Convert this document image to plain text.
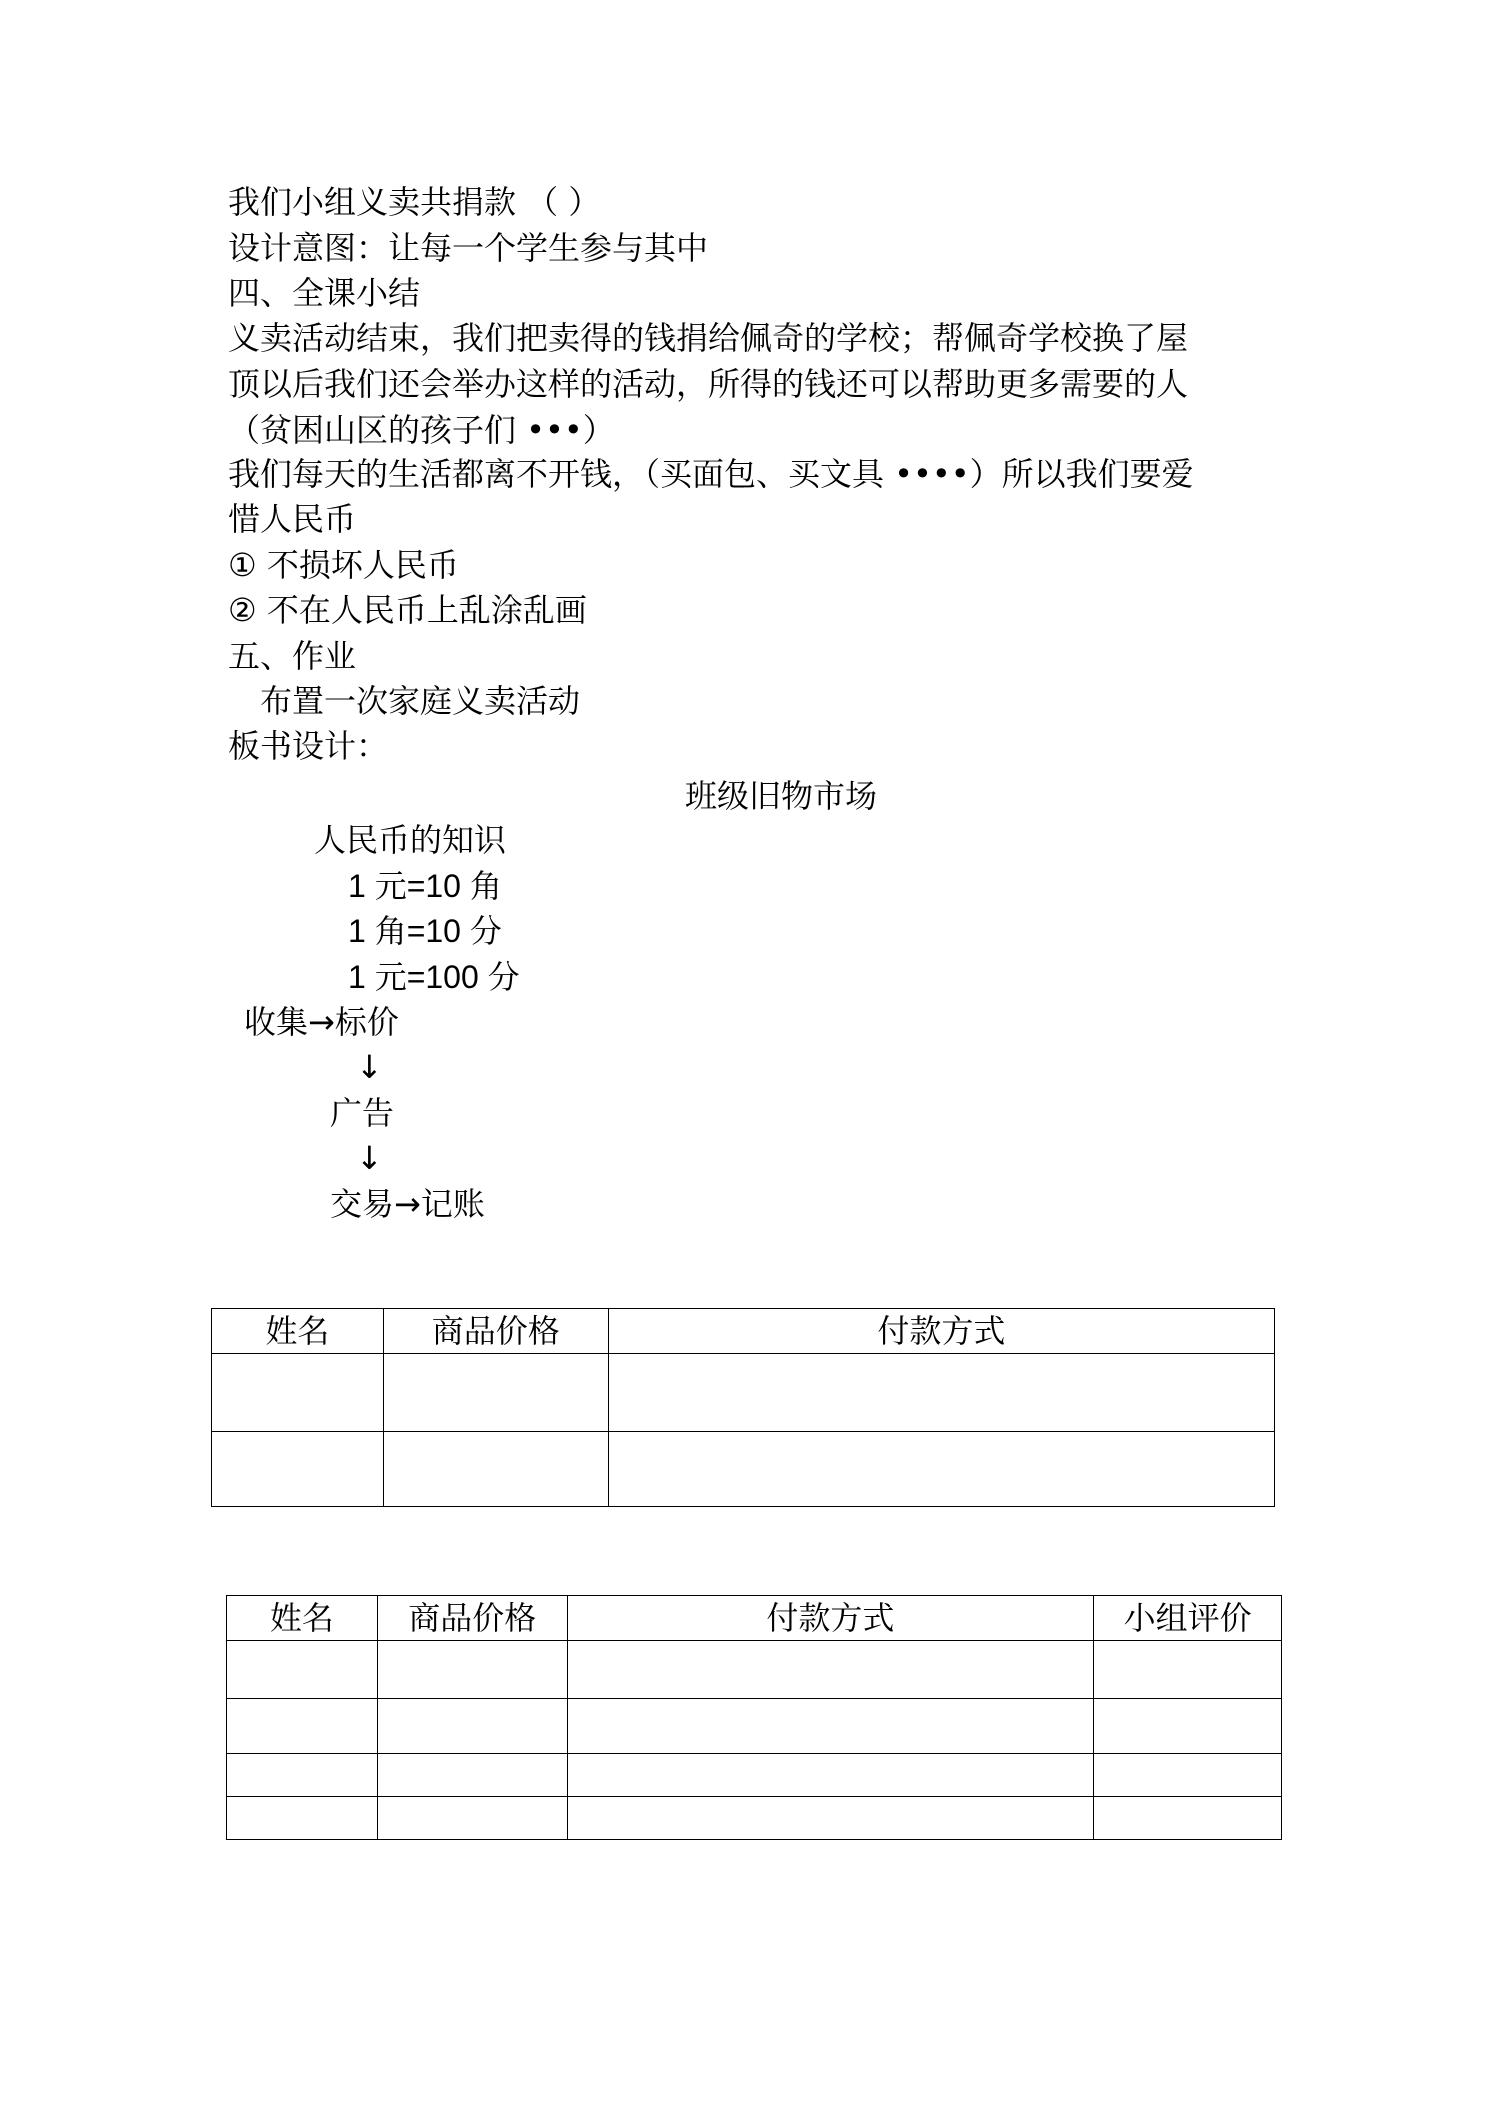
我们小组义卖共捐款 （ ）
设计意图：让每一个学生参与其中
四、全课小结
义卖活动结束，我们把卖得的钱捐给佩奇的学校；帮佩奇学校换了屋
顶以后我们还会举办这样的活动，所得的钱还可以帮助更多需要的人
（贫困山区的孩子们 •••）
我们每天的生活都离不开钱，（买面包、买文具 ••••）所以我们要爱
惜人民币
① 不损坏人民币
② 不在人民币上乱涂乱画
五、作业
布置一次家庭义卖活动
板书设计：
班级旧物市场
人民币的知识
1 元=10 角
1 角=10 分
1 元=100 分
收集→标价
↓
广告
↓
交易→记账
姓名	商品价格	付款方式

姓名	商品价格	付款方式	小组评价
